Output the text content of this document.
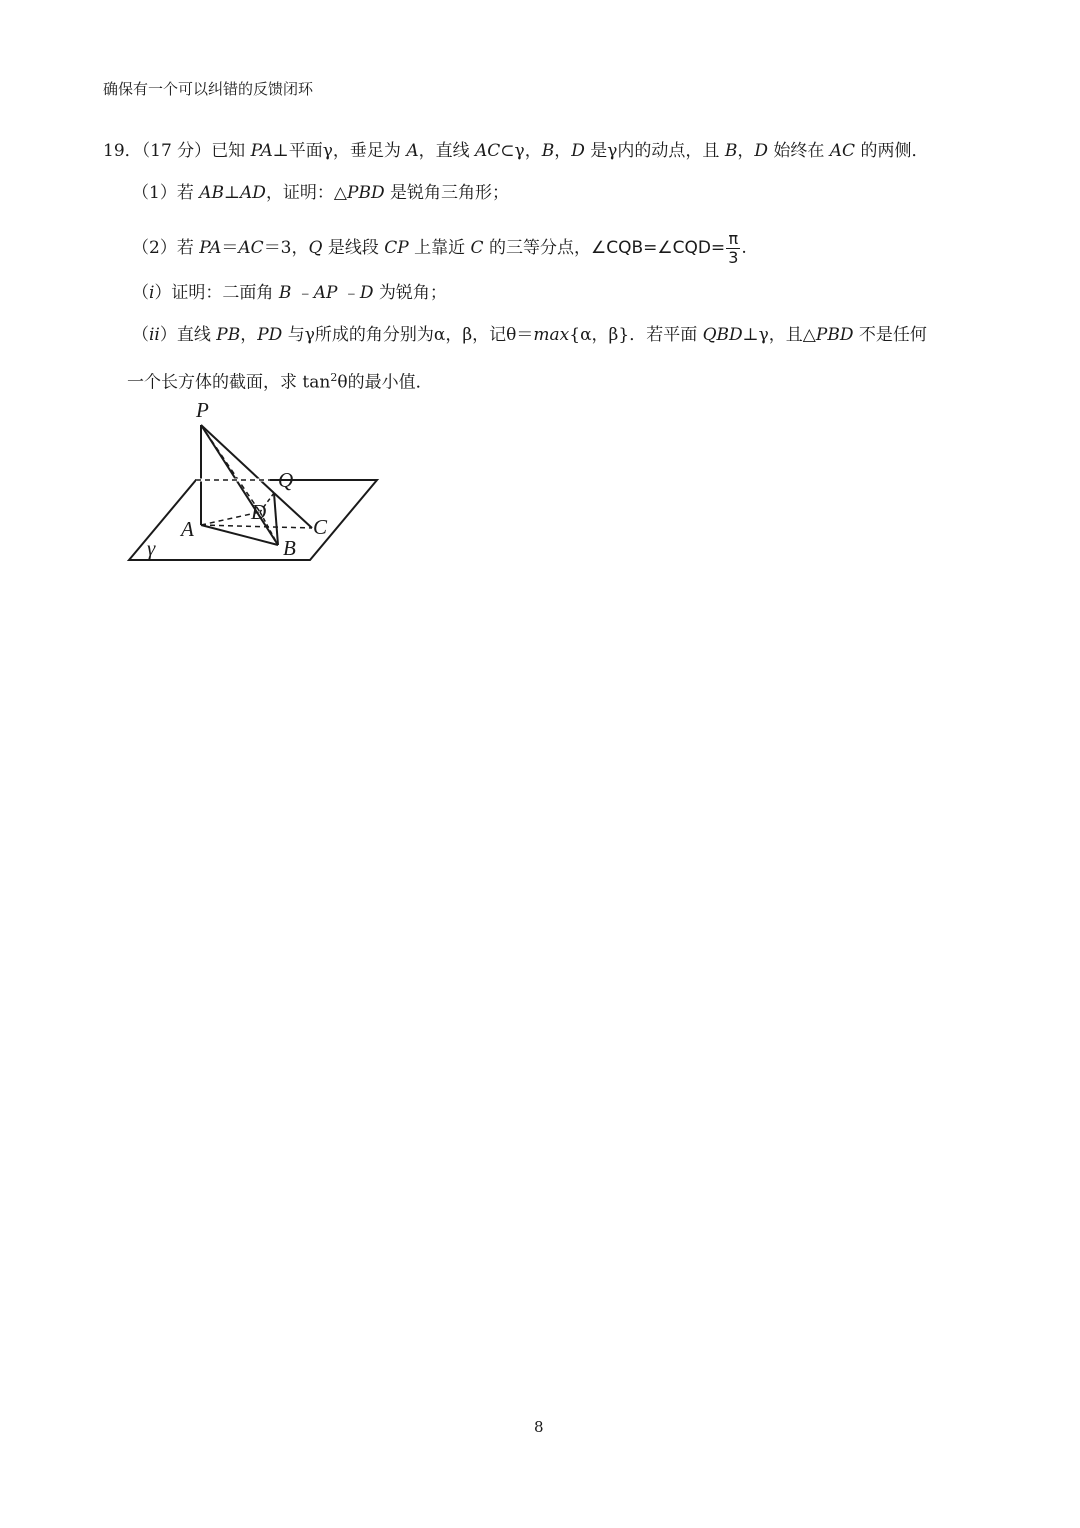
确保有一个可以纠错的反馈闭环
19．（17 分）已知 PA⊥平面γ，垂足为 A，直线 AC⊂γ，B，D 是γ内的动点，且 B，D 始终在 AC 的两侧．
（1）若 AB⊥AD，证明：△PBD 是锐角三角形；
（2）若 PA＝AC＝3，Q 是线段 CP 上靠近 C 的三等分点，∠CQB=∠CQD= $\frac{\pi}{3}$ .
（i）证明：二面角 B ﹣AP ﹣D 为锐角；
（ii）直线 PB，PD 与γ所成的角分别为α，β，记θ＝max{α，β}．若平面 QBD⊥γ，且△PBD 不是任何
一个长方体的截面，求 $\tan^2\theta$的最小值．
P
Q
D
C
A
B
γ
8
